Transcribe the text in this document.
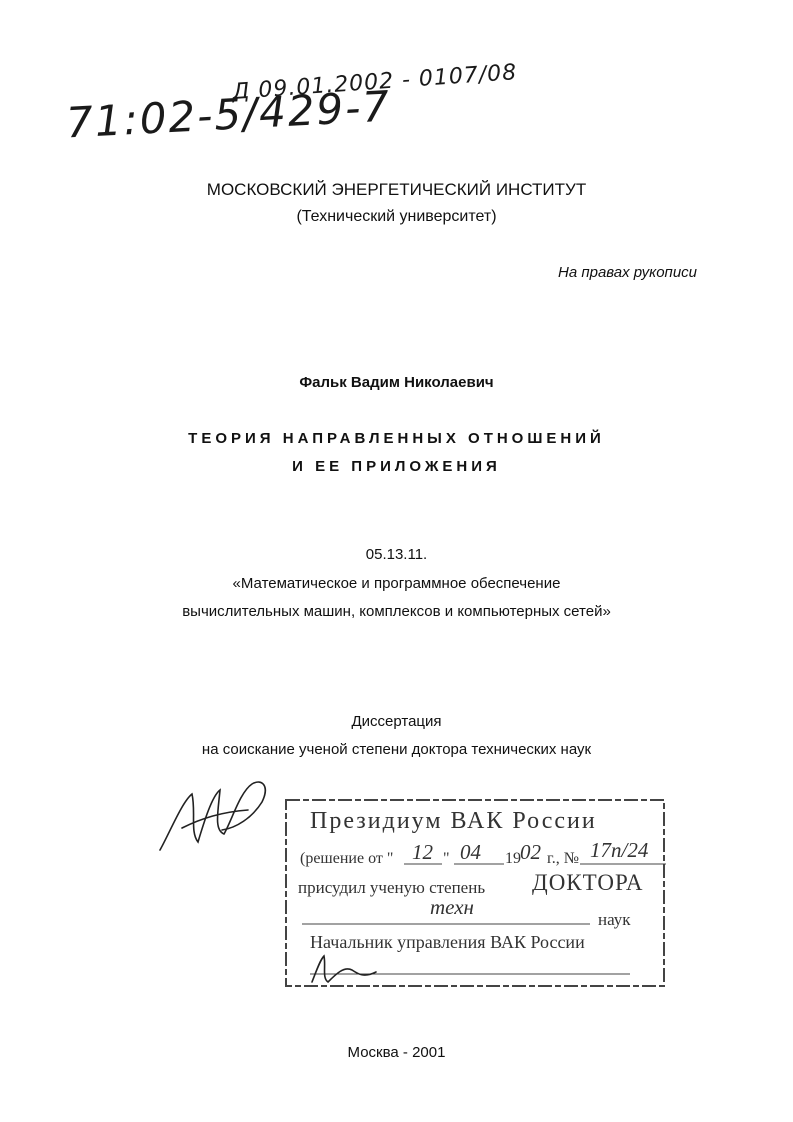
Д 09.01.2002 - 0107/08
71:02-5/429-7
МОСКОВСКИЙ ЭНЕРГЕТИЧЕСКИЙ ИНСТИТУТ
(Технический университет)
На правах рукописи
Фальк Вадим Николаевич
ТЕОРИЯ НАПРАВЛЕННЫХ ОТНОШЕНИЙ
И ЕЕ ПРИЛОЖЕНИЯ
05.13.11.
«Математическое и программное обеспечение
вычислительных машин, комплексов и компьютерных сетей»
Диссертация
на соискание ученой степени доктора технических наук
Президиум ВАК России
(решение от " 12 " 04 19 02 г., № 17п/24
присудил ученую степень ДОКТОРА
техн
наук
Начальник управления ВАК России
Москва - 2001
